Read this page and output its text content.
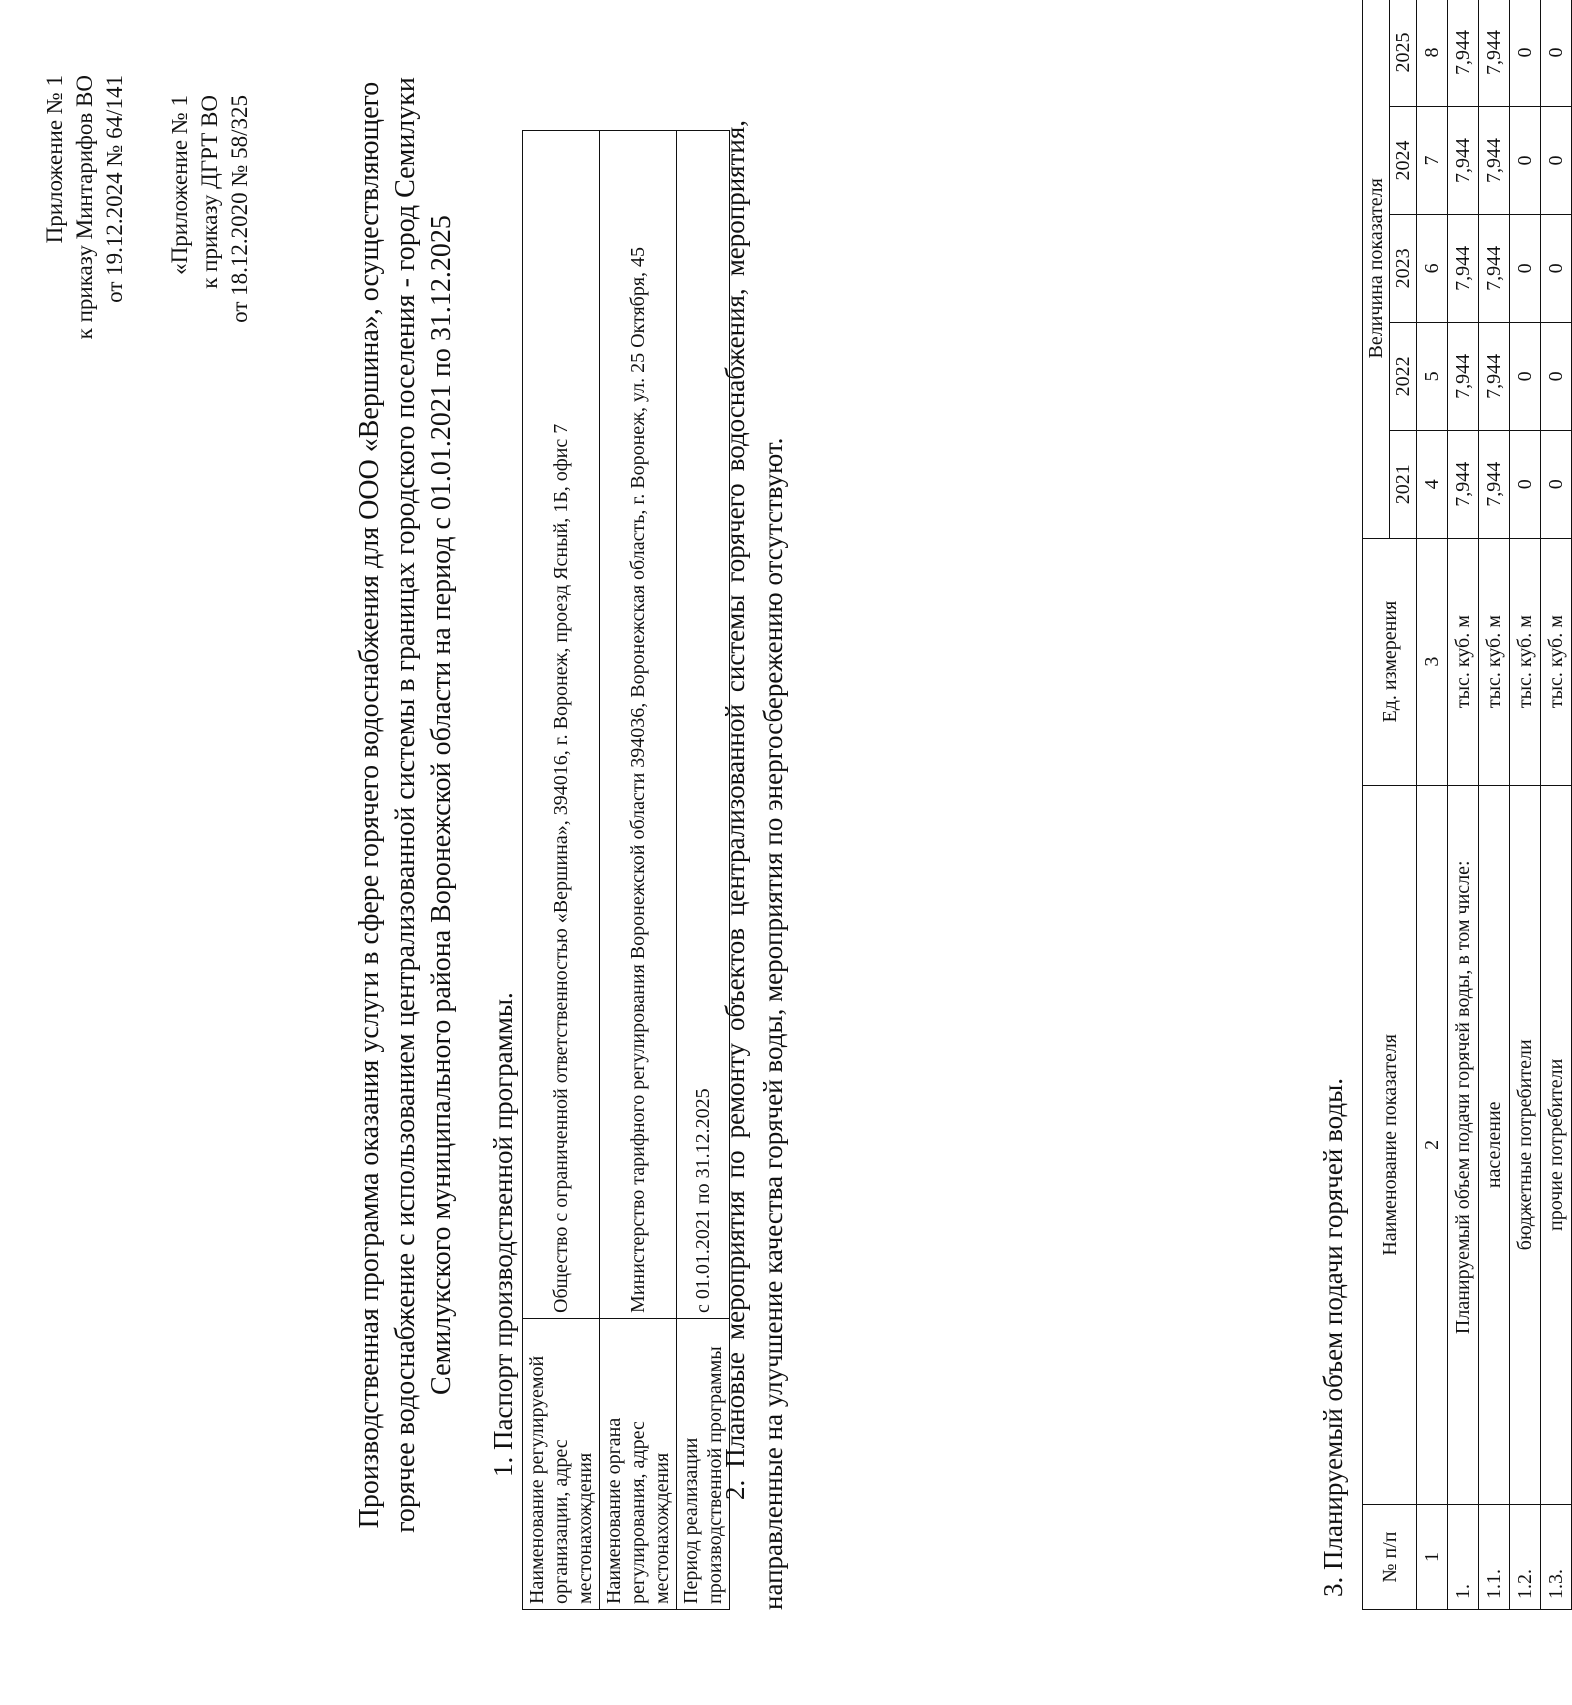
Приложение № 1 к приказу Минтарифов ВО от 19.12.2024 № 64/141 «Приложение № 1 к приказу ДГРТ ВО от 18.12.2020 № 58/325	Производственная программа оказания услуги в сфере горячего водоснабжения для ООО «Вершина», осуществляющего горячее водоснабжение с использованием централизованной системы в границах городского поселения - город Семилуки Семилукского муниципального района Воронежской области на период с 01.01.2021 по 31.12.2025 1. Паспорт производственной программы.
Наименование регулируемой организации, адрес местонахождения	Общество с ограниченной ответственностью «Вершина», 394016, г. Воронеж, проезд Ясный, 1Б, офис 7
Наименование органа регулирования, адрес местонахождения	Министерство тарифного регулирования Воронежской области 394036, Воронежская область, г. Воронеж, ул. 25 Октября, 45
Период реализации производственной программы	с 01.01.2021 по 31.12.2025 2. Плановые мероприятия по ремонту объектов централизованной системы горячего водоснабжения, мероприятия, направленные на улучшение качества горячей воды, мероприятия по энергосбережению отсутствуют.	3. Планируемый объем подачи горячей воды. № п/п	Наименование показателя	Ед. измерения	Величина показателя				
			2021	2022	2023	2024	2025
1	2	3	4	5	6	7	8
1.	Планируемый объем подачи горячей воды, в том числе:	тыс. куб. м	7,944	7,944	7,944	7,944	7,944
1.1.	население	тыс. куб. м	7,944	7,944	7,944	7,944	7,944
1.2.	бюджетные потребители	тыс. куб. м	0	0	0	0	0
1.3.	прочие потребители	тыс. куб. м	0	0	0	0	0
